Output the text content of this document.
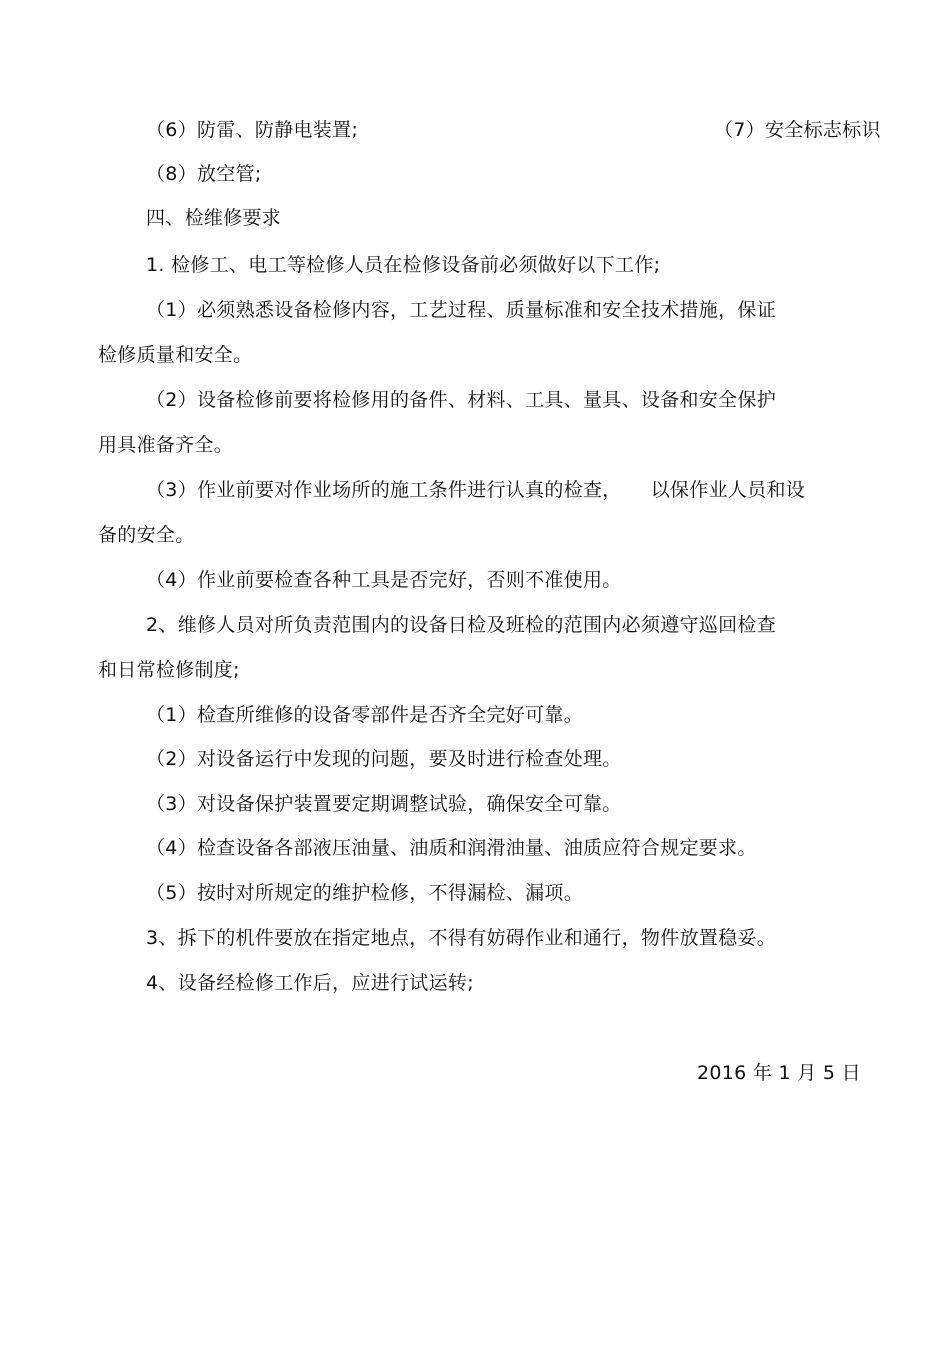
（6）防雷、防静电装置;	（7）安全标志标识
（8）放空管;
四、检维修要求
1. 检修工、电工等检修人员在检修设备前必须做好以下工作;
（1）必须熟悉设备检修内容，工艺过程、质量标准和安全技术措施，保证
检修质量和安全。
（2）设备检修前要将检修用的备件、材料、工具、量具、设备和安全保护
用具准备齐全。
（3）作业前要对作业场所的施工条件进行认真的检查，　　以保作业人员和设
备的安全。
（4）作业前要检查各种工具是否完好，否则不准使用。
2、维修人员对所负责范围内的设备日检及班检的范围内必须遵守巡回检查
和日常检修制度;
（1）检查所维修的设备零部件是否齐全完好可靠。
（2）对设备运行中发现的问题，要及时进行检查处理。
（3）对设备保护装置要定期调整试验，确保安全可靠。
（4）检查设备各部液压油量、油质和润滑油量、油质应符合规定要求。
（5）按时对所规定的维护检修，不得漏检、漏项。
3、拆下的机件要放在指定地点，不得有妨碍作业和通行，物件放置稳妥。
4、设备经检修工作后，应进行试运转;
2016 年 1 月 5 日
